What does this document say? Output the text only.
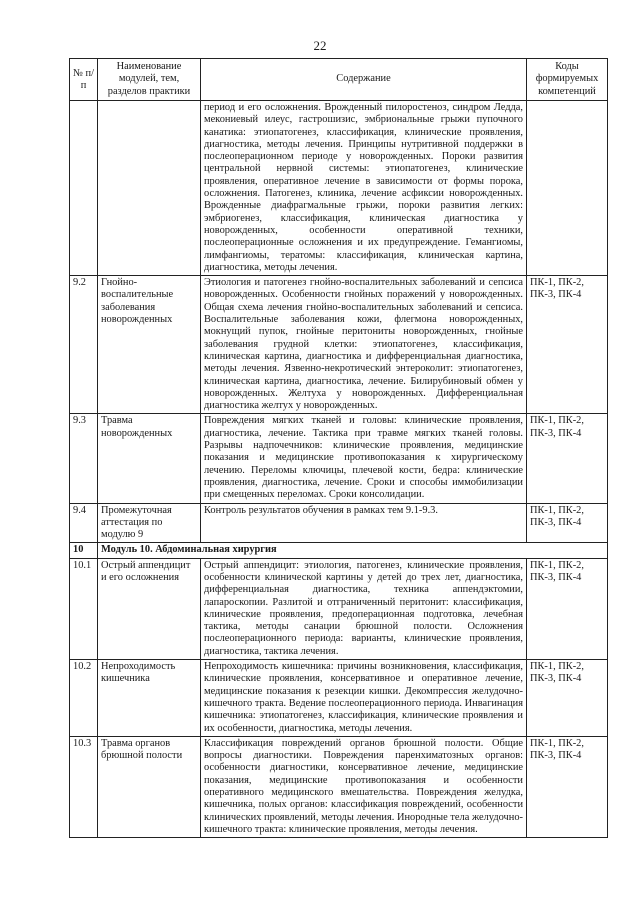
22
№ п/п	Наименование модулей, тем, разделов практики	Содержание	Коды формируемых компетенций
		период и его осложнения. Врожденный пилоростеноз, синдром Ледда, мекониевый илеус, гастрошизис, эмбриональные грыжи пупочного канатика: этиопатогенез, классификация, клинические проявления, диагностика, методы лечения. Принципы нутритивной поддержки в послеоперационном периоде у новорожденных. Пороки развития центральной нервной системы: этиопатогенез, клинические проявления, оперативное лечение в зависимости от формы порока, осложнения. Патогенез, клиника, лечение асфиксии новорожденных. Врожденные диафрагмальные грыжи, пороки развития легких: эмбриогенез, классификация, клиническая диагностика у новорожденных, особенности оперативной техники, послеоперационные осложнения и их предупреждение. Гемангиомы, лимфангиомы, тератомы: классификация, клиническая картина, диагностика, методы лечения.	
9.2	Гнойно-воспалительные заболевания новорожденных	Этиология и патогенез гнойно-воспалительных заболеваний и сепсиса новорожденных. Особенности гнойных поражений у новорожденных. Общая схема лечения гнойно-воспалительных заболеваний и сепсиса. Воспалительные заболевания кожи, флегмона новорожденных, мокнущий пупок, гнойные перитониты новорожденных, гнойные заболевания грудной клетки: этиопатогенез, классификация, клиническая картина, диагностика и дифференциальная диагностика, методы лечения. Язвенно-некротический энтероколит: этиопатогенез, клиническая картина, диагностика, лечение. Билирубиновый обмен у новорожденных. Желтуха у новорожденных. Дифференциальная диагностика желтух у новорожденных.	ПК-1, ПК-2, ПК-3, ПК-4
9.3	Травма новорожденных	Повреждения мягких тканей и головы: клинические проявления, диагностика, лечение. Тактика при травме мягких тканей головы. Разрывы надпочечников: клинические проявления, медицинские показания и медицинские противопоказания к хирургическому лечению. Переломы ключицы, плечевой кости, бедра: клинические проявления, диагностика, лечение. Сроки и способы иммобилизации при смещенных переломах. Сроки консолидации.	ПК-1, ПК-2, ПК-3, ПК-4
9.4	Промежуточная аттестация по модулю 9	Контроль результатов обучения в рамках тем 9.1-9.3.	ПК-1, ПК-2, ПК-3, ПК-4
10	Модуль 10. Абдоминальная хирургия		
10.1	Острый аппендицит и его осложнения	Острый аппендицит: этиология, патогенез, клинические проявления, особенности клинической картины у детей до трех лет, диагностика, дифференциальная диагностика, техника аппендэктомии, лапароскопии. Разлитой и отграниченный перитонит: классификация, клинические проявления, предоперационная подготовка, лечебная тактика, методы санации брюшной полости. Осложнения послеоперационного периода: варианты, клинические проявления, диагностика, тактика лечения.	ПК-1, ПК-2, ПК-3, ПК-4
10.2	Непроходимость кишечника	Непроходимость кишечника: причины возникновения, классификация, клинические проявления, консервативное и оперативное лечение, медицинские показания к резекции кишки. Декомпрессия желудочно-кишечного тракта. Ведение послеоперационного периода. Инвагинация кишечника: этиопатогенез, классификация, клинические проявления и их особенности, диагностика, методы лечения.	ПК-1, ПК-2, ПК-3, ПК-4
10.3	Травма органов брюшной полости	Классификация повреждений органов брюшной полости. Общие вопросы диагностики. Повреждения паренхиматозных органов: особенности диагностики, консервативное лечение, медицинские показания, медицинские противопоказания и особенности оперативного медицинского вмешательства. Повреждения желудка, кишечника, полых органов: классификация повреждений, особенности клинических проявлений, методы лечения. Инородные тела желудочно-кишечного тракта: клинические проявления, методы лечения.	ПК-1, ПК-2, ПК-3, ПК-4
